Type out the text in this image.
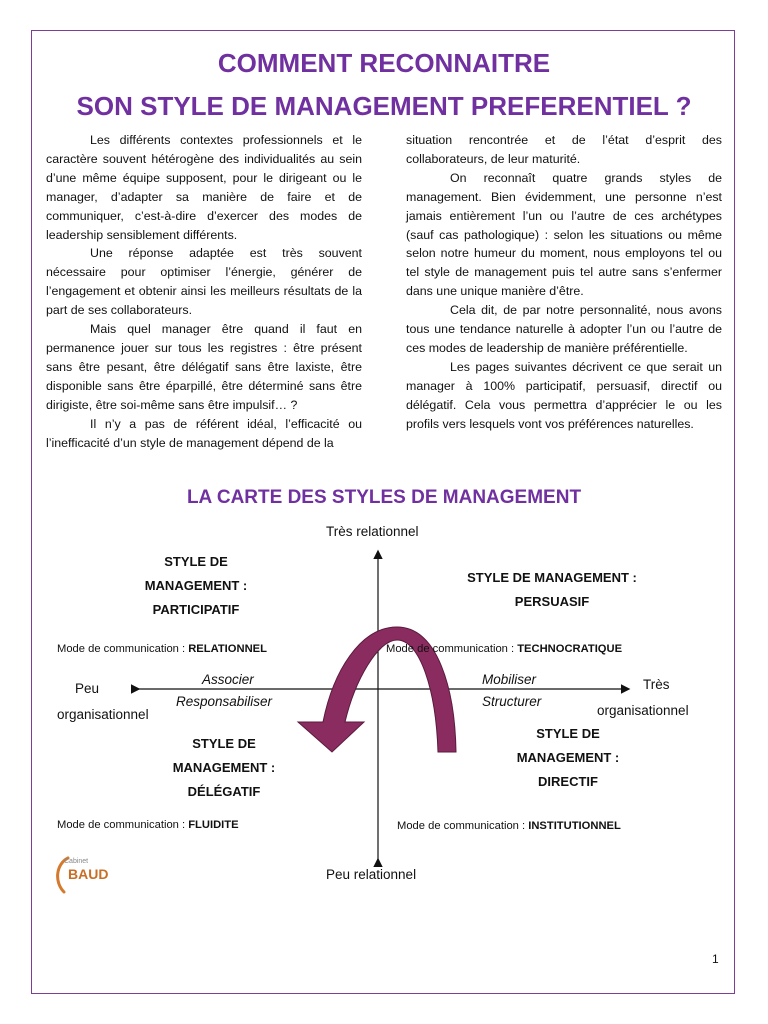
COMMENT RECONNAITRE
SON STYLE DE MANAGEMENT PREFERENTIEL ?

Les différents contextes professionnels et le caractère souvent hétérogène des individualités au sein d’une même équipe supposent, pour le dirigeant ou le manager, d’adapter sa manière de faire et de communiquer, c’est-à-dire d’exercer des modes de leadership sensiblement différents.

Une réponse adaptée est très souvent nécessaire pour optimiser l’énergie, générer de l’engagement et obtenir ainsi les meilleurs résultats de la part de ses collaborateurs.

Mais quel manager être quand il faut en permanence jouer sur tous les registres : être présent sans être pesant, être délégatif sans être laxiste, être disponible sans être éparpillé, être déterminé sans être dirigiste, être soi-même sans être impulsif… ?

Il n’y a pas de référent idéal, l’efficacité ou l’inefficacité d’un style de management dépend de la

situation rencontrée et de l’état d’esprit des collaborateurs, de leur maturité.

On reconnaît quatre grands styles de management. Bien évidemment, une personne n’est jamais entièrement l’un ou l’autre de ces archétypes (sauf cas pathologique) : selon les situations ou même selon notre humeur du moment, nous employons tel ou tel style de management puis tel autre sans s’enfermer dans une unique manière d’être.

Cela dit, de par notre personnalité, nous avons tous une tendance naturelle à adopter l’un ou l’autre de ces modes de leadership de manière préférentielle.

Les pages suivantes décrivent ce que serait un manager à 100% participatif, persuasif, directif ou délégatif. Cela vous permettra d’apprécier le ou les profils vers lesquels vont vos préférences naturelles.

LA CARTE DES STYLES DE MANAGEMENT
Très relationnel
Peu relationnel
Peu
organisationnel
Très
organisationnel
STYLE DE
MANAGEMENT :
PARTICIPATIF
STYLE DE MANAGEMENT :
PERSUASIF
STYLE DE
MANAGEMENT :
DÉLÉGATIF
STYLE DE
MANAGEMENT :
DIRECTIF
Mode de communication : RELATIONNEL	Mode de communication : TECHNOCRATIQUE
Mode de communication : FLUIDITE	Mode de communication : INSTITUTIONNEL
Associer
Responsabiliser
Mobiliser
Structurer
Cabinet
BAUD
1
